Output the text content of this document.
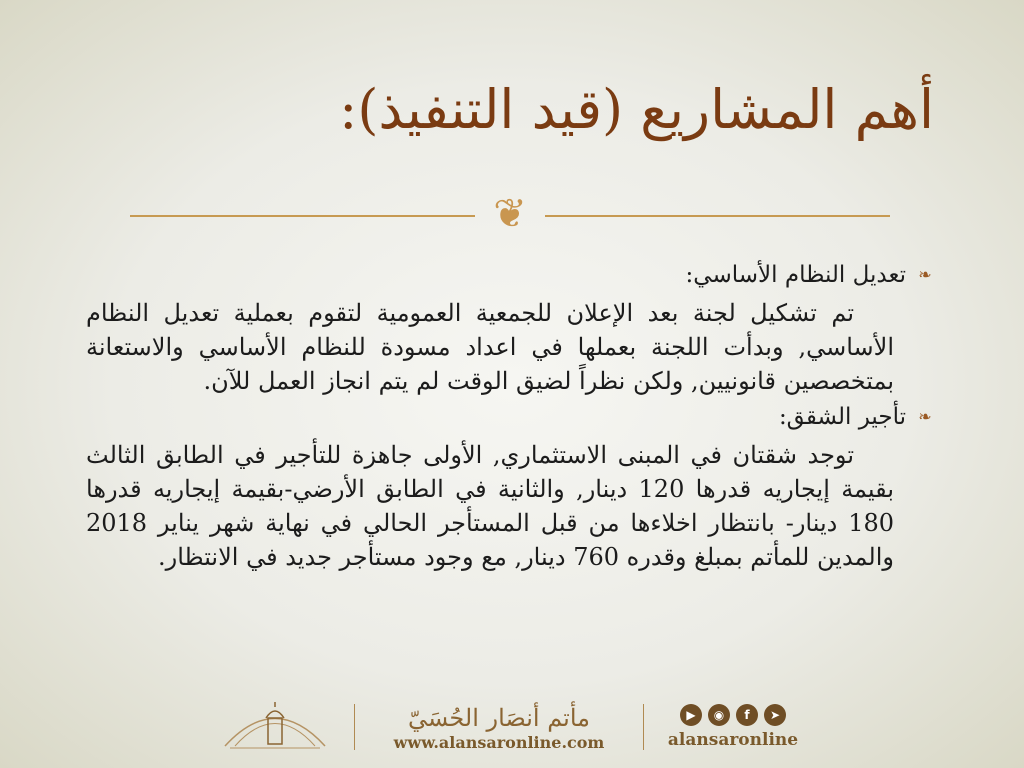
أهم المشاريع (قيد التنفيذ):
❦

❧
تعديل النظام الأساسي:

تم تشكيل لجنة بعد الإعلان للجمعية العمومية لتقوم بعملية تعديل النظام الأساسي, وبدأت اللجنة بعملها في اعداد مسودة للنظام الأساسي والاستعانة بمتخصصين قانونيين, ولكن نظراً لضيق الوقت لم يتم انجاز العمل للآن.

❧
تأجير الشقق:

توجد شقتان في المبنى الاستثماري, الأولى جاهزة للتأجير في الطابق الثالث بقيمة إيجاريه قدرها 120 دينار, والثانية في الطابق الأرضي-بقيمة إيجاريه قدرها 180 دينار- بانتظار اخلاءها من قبل المستأجر الحالي في نهاية شهر يناير 2018 والمدين للمأتم بمبلغ وقدره 760 دينار, مع وجود مستأجر جديد في الانتظار.

مأتم أنصَار الحُسَيّ
www.alansaronline.com
▶	◉	f	➤
alansaronline
